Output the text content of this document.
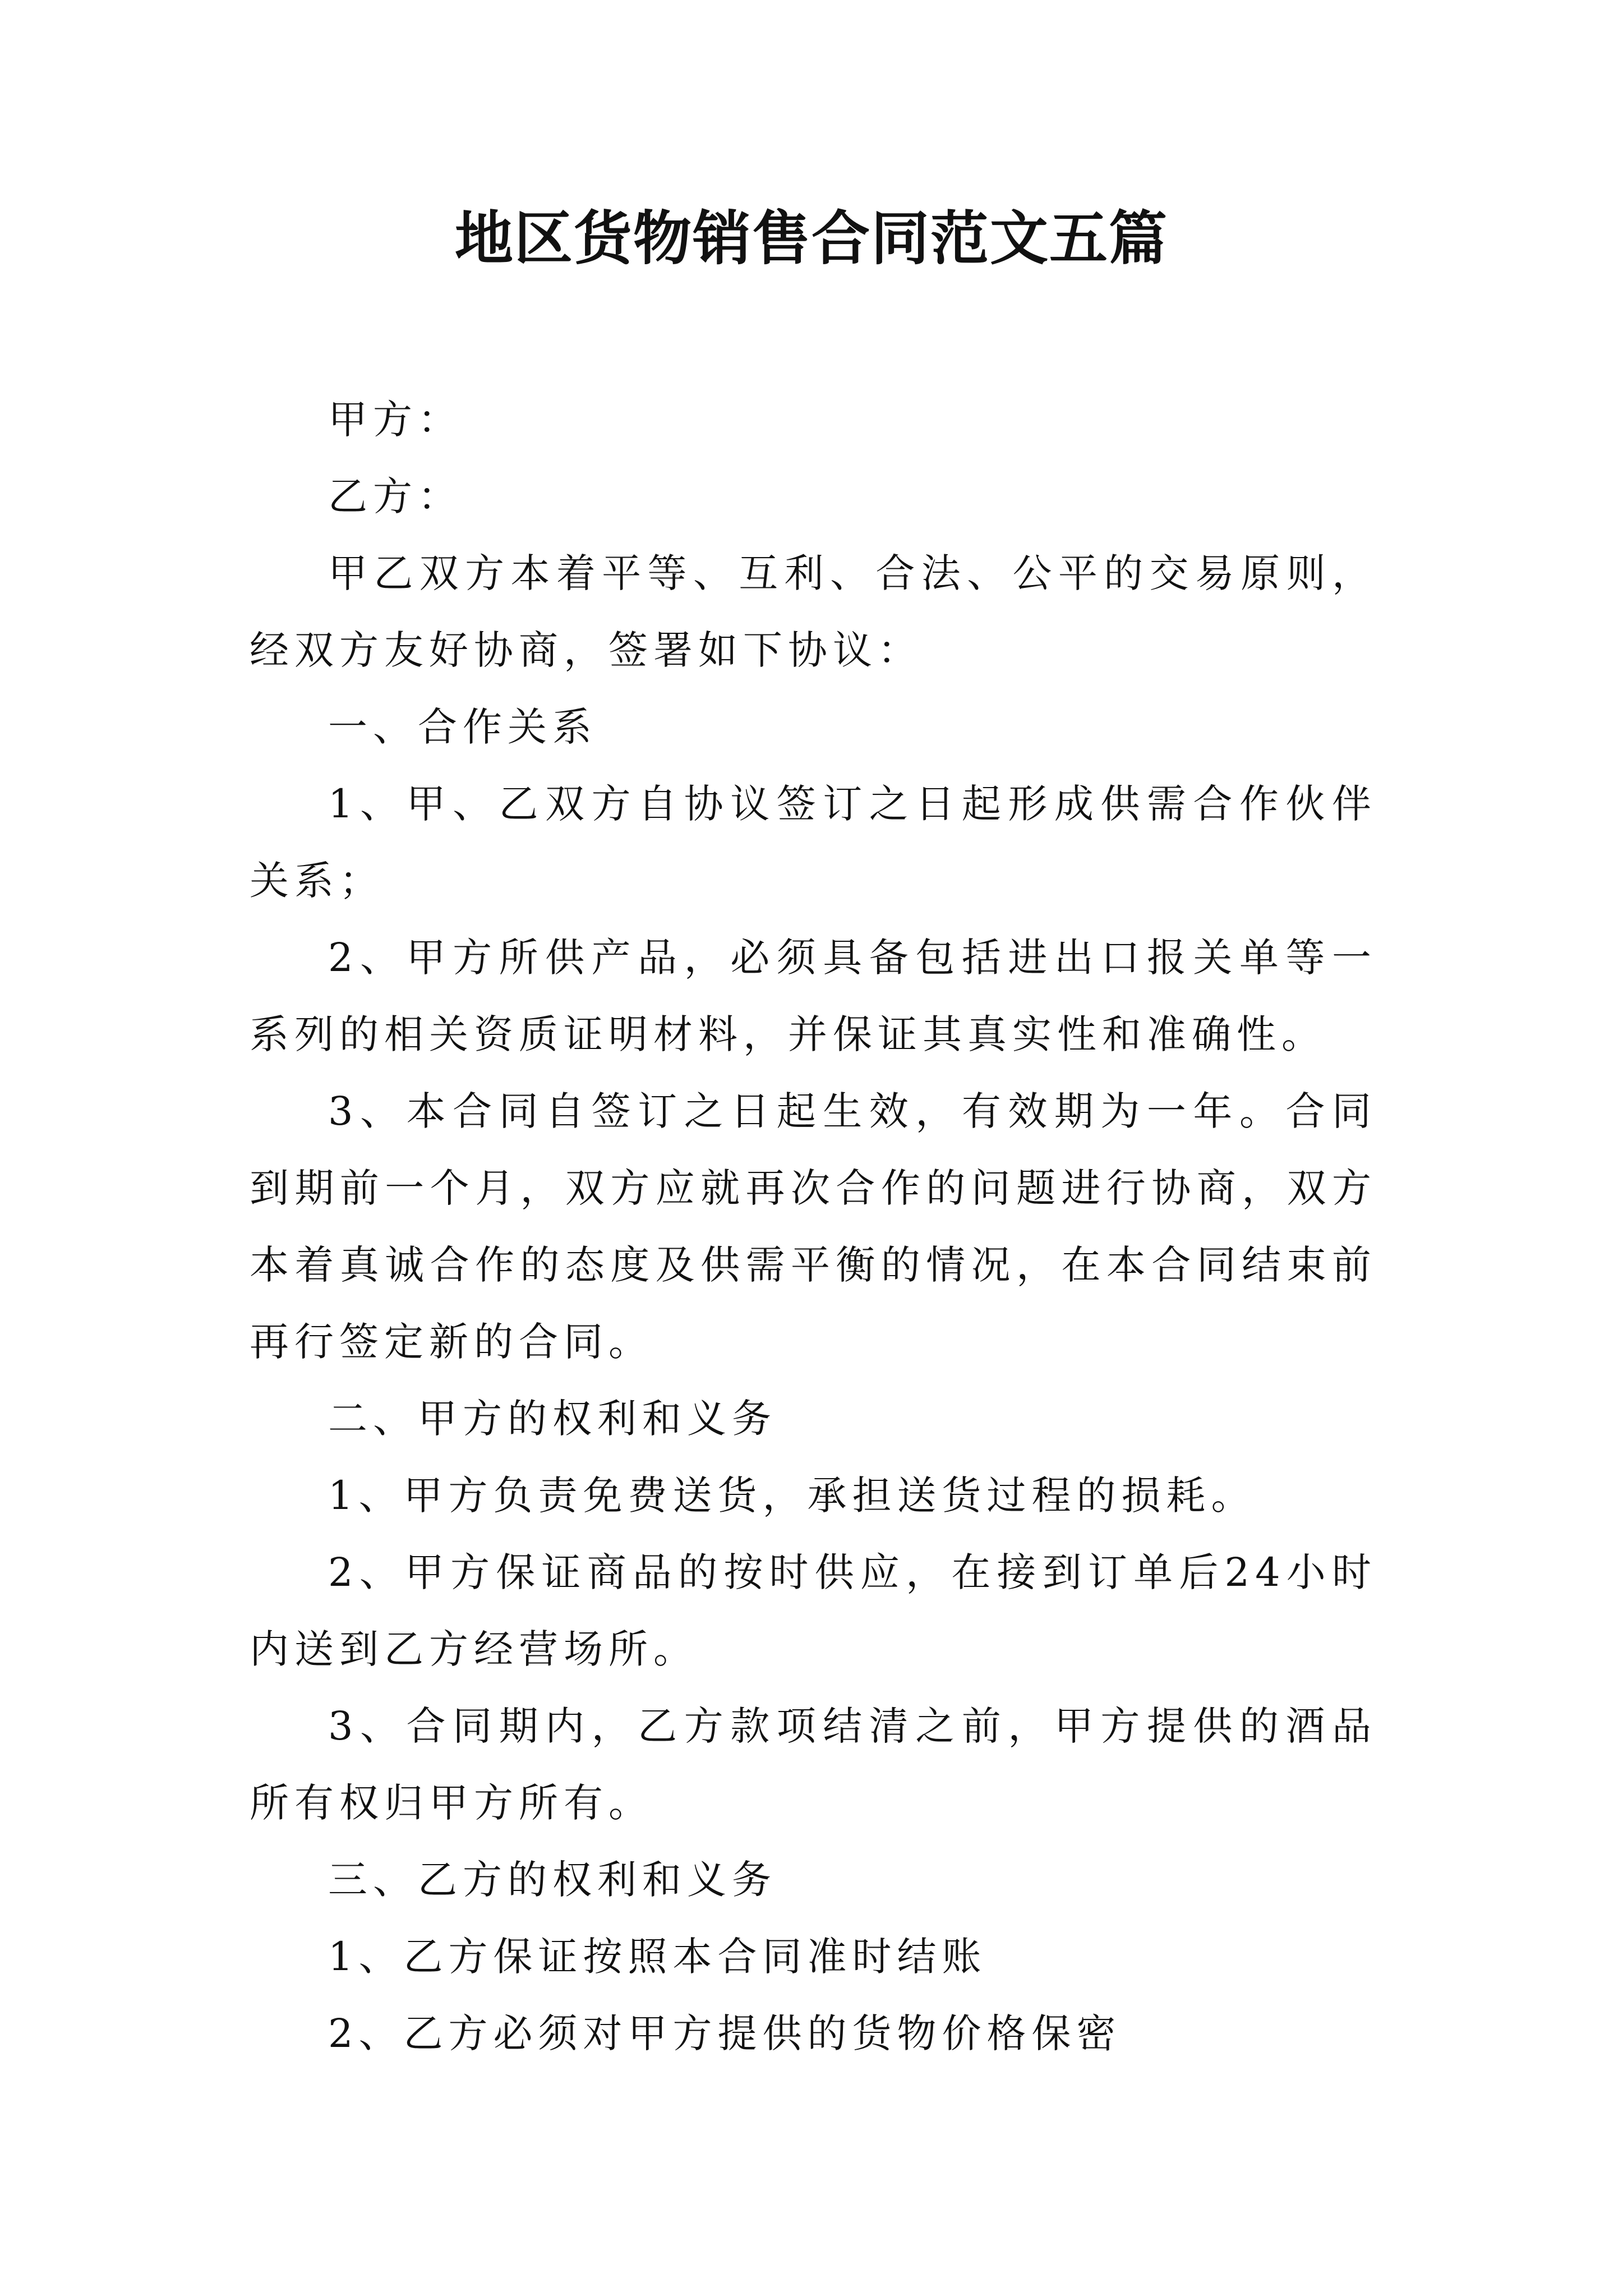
地区货物销售合同范文五篇

甲方：

乙方：

甲乙双方本着平等、互利、合法、公平的交易原则，经双方友好协商，签署如下协议：

一、合作关系

1、甲、乙双方自协议签订之日起形成供需合作伙伴关系；

2、甲方所供产品，必须具备包括进出口报关单等一系列的相关资质证明材料，并保证其真实性和准确性。

3、本合同自签订之日起生效，有效期为一年。合同到期前一个月，双方应就再次合作的问题进行协商，双方本着真诚合作的态度及供需平衡的情况，在本合同结束前再行签定新的合同。

二、甲方的权利和义务

1、甲方负责免费送货，承担送货过程的损耗。

2、甲方保证商品的按时供应，在接到订单后24小时内送到乙方经营场所。

3、合同期内，乙方款项结清之前，甲方提供的酒品所有权归甲方所有。

三、乙方的权利和义务

1、乙方保证按照本合同准时结账

2、乙方必须对甲方提供的货物价格保密
